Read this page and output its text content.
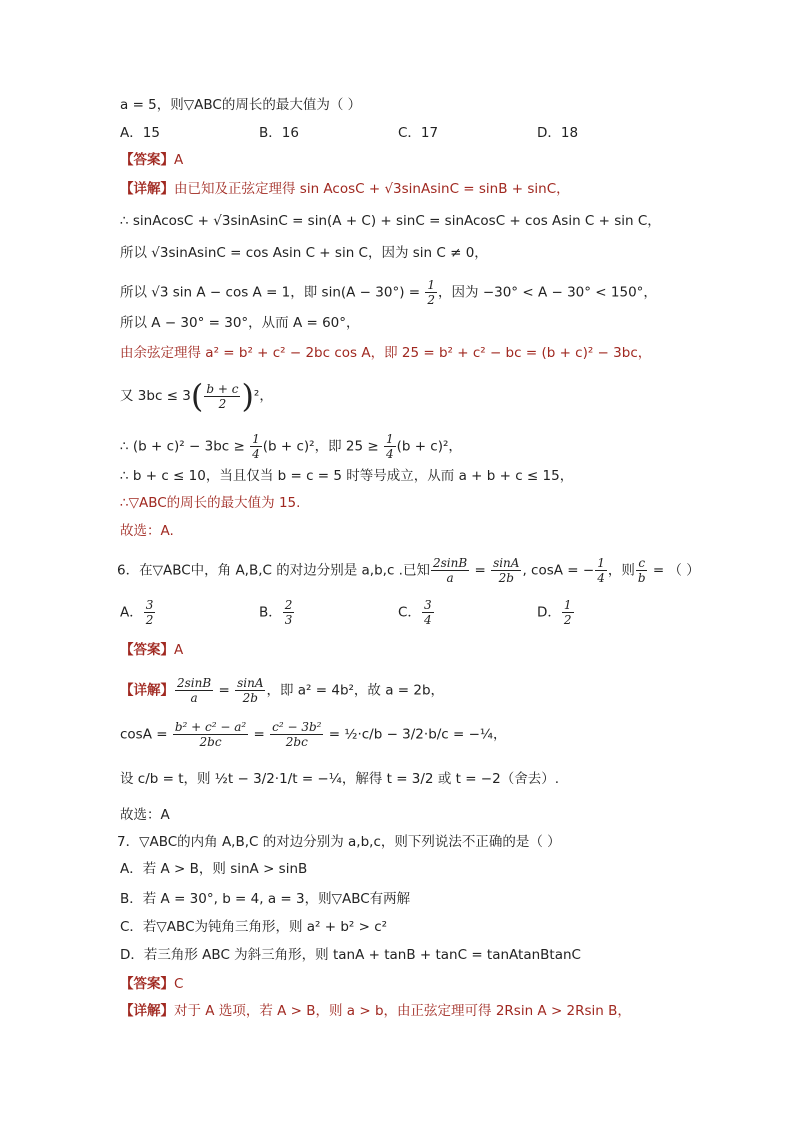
a = 5，则▽ABC的周长的最大值为（ ）
A．15	B．16	C．17	D．18
【答案】A
【详解】由已知及正弦定理得 sin AcosC + √3sinAsinC = sinB + sinC，
∴ sinAcosC + √3sinAsinC = sin(A + C) + sinC = sinAcosC + cos Asin C + sin C，
所以 √3sinAsinC = cos Asin C + sin C，因为 sin C ≠ 0，
所以 √3 sin A − cos A = 1，即 $\sin(A - 30^\circ) = \frac{1}{2}$ ，因为 −30° < A − 30° < 150°，
所以 A − 30° = 30°，从而 A = 60°，
由余弦定理得 a² = b² + c² − 2bc cos A，即 25 = b² + c² − bc = (b + c)² − 3bc，
又 $3bc \le 3( \frac{b + c}{2} )^2$，
∴ $(b + c)^2 - 3bc \ge \frac{1}{4} (b + c)^2$，即 $25 \ge \frac{1}{4} (b + c)^2$，
∴ b + c ≤ 10，当且仅当 b = c = 5 时等号成立，从而 a + b + c ≤ 15，
∴▽ABC的周长的最大值为 15.
故选：A.
6．在▽ABC中，角 A,B,C 的对边分别是 a,b,c .已知 $\frac{2\sin B}{a} = \frac{\sin A}{2b}$ , cosA = − $\frac{1}{4}$ ，则 $\frac{c}{b}$ = （ ）
A． $\frac{3}{2}$	B． $\frac{2}{3}$	C． $\frac{3}{4}$	D． $\frac{1}{2}$
【答案】A
【详解】 $\frac{2\sin B}{a} = \frac{\sin A}{2b}$ ，即 a² = 4b²，故 a = 2b，
$\cos A = \frac{\text{b² + c² − a²}}{2bc} = \frac{\text{c² − 3b²}}{2bc}$ = ½·c/b − 3/2·b/c = −¼，
设 c/b = t，则 ½t − 3/2·1/t = −¼，解得 t = 3/2 或 t = −2（舍去）.
故选：A
7．▽ABC的内角 A,B,C 的对边分别为 a,b,c，则下列说法不正确的是（ ）
A．若 A > B，则 sinA > sinB
B．若 A = 30°, b = 4, a = 3，则▽ABC有两解
C．若▽ABC为钝角三角形，则 a² + b² > c²
D．若三角形 ABC 为斜三角形，则 tanA + tanB + tanC = tanAtanBtanC
【答案】C
【详解】对于 A 选项，若 A > B，则 a > b，由正弦定理可得 2Rsin A > 2Rsin B，
